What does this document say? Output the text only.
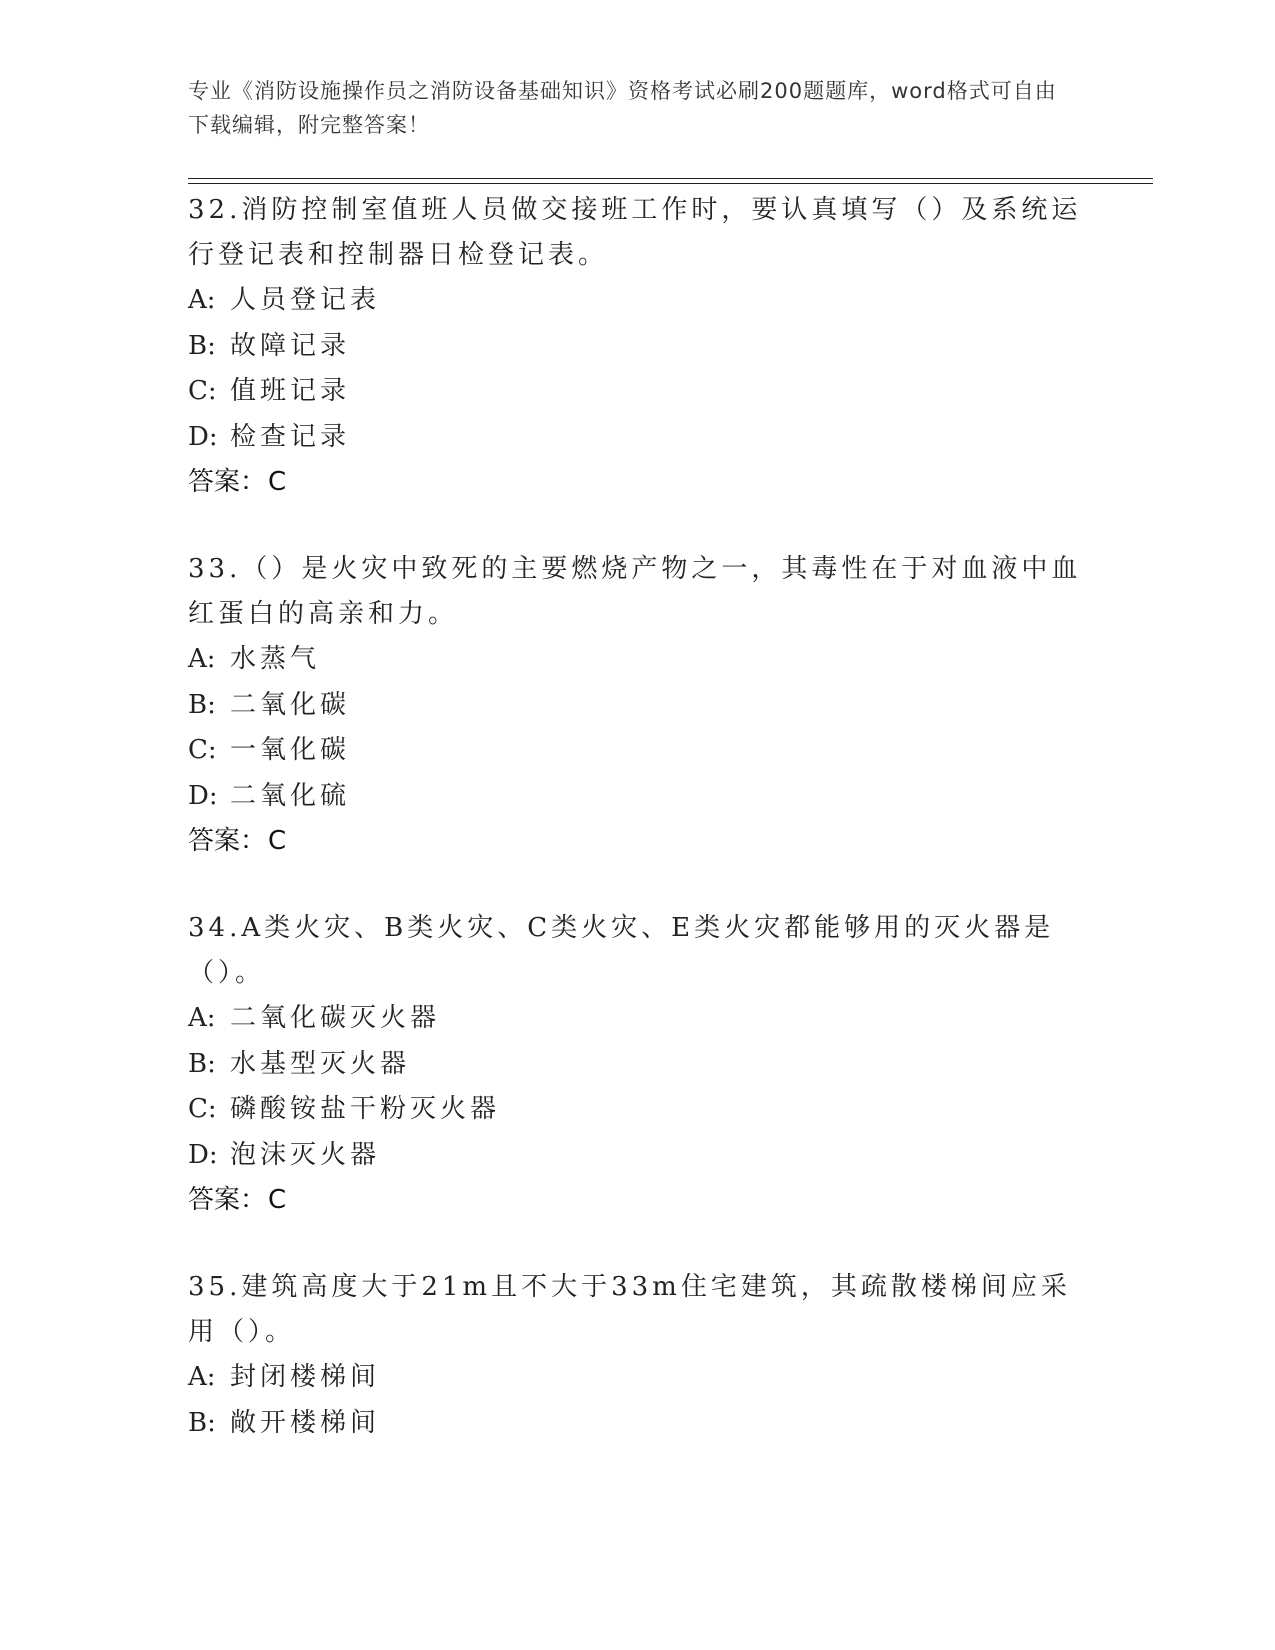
专业《消防设施操作员之消防设备基础知识》资格考试必刷200题题库，word格式可自由下载编辑，附完整答案！
32.消防控制室值班人员做交接班工作时，要认真填写（）及系统运行登记表和控制器日检登记表。
A: 人员登记表
B: 故障记录
C: 值班记录
D: 检查记录
答案：C
33.（）是火灾中致死的主要燃烧产物之一，其毒性在于对血液中血红蛋白的高亲和力。
A: 水蒸气
B: 二氧化碳
C: 一氧化碳
D: 二氧化硫
答案：C
34.A类火灾、B类火灾、C类火灾、E类火灾都能够用的灭火器是（）。
A: 二氧化碳灭火器
B: 水基型灭火器
C: 磷酸铵盐干粉灭火器
D: 泡沫灭火器
答案：C
35.建筑高度大于21m且不大于33m住宅建筑，其疏散楼梯间应采用（）。
A: 封闭楼梯间
B: 敞开楼梯间
